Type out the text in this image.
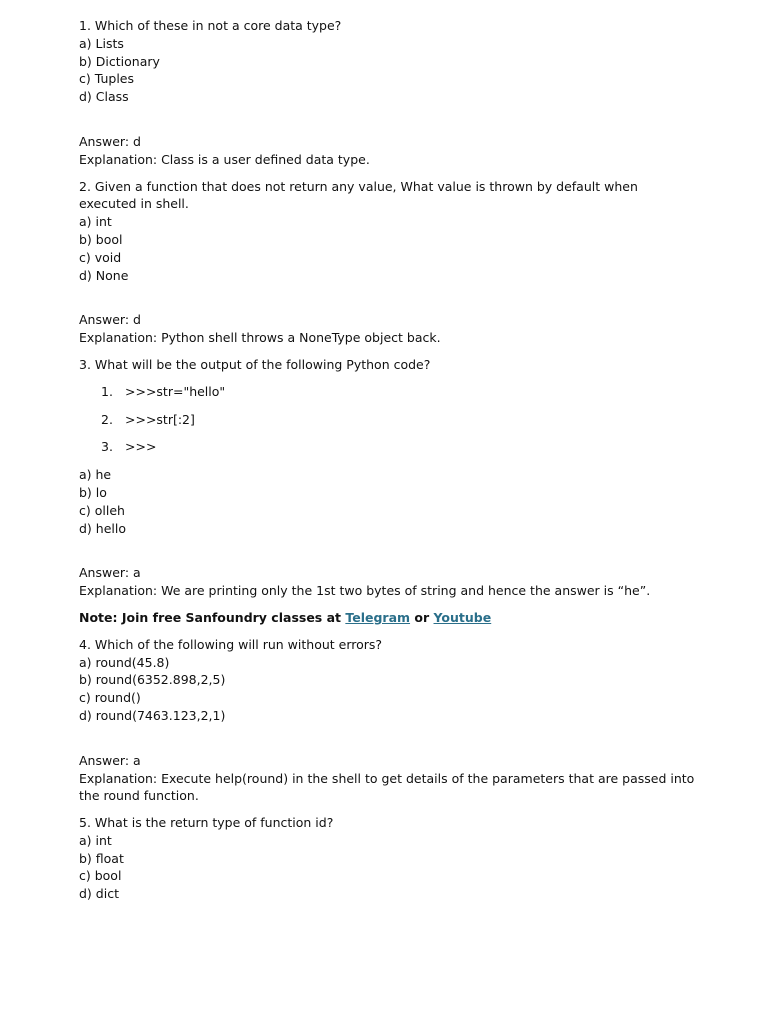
1. Which of these in not a core data type?
a) Lists
b) Dictionary
c) Tuples
d) Class
Answer: d
Explanation: Class is a user defined data type.
2. Given a function that does not return any value, What value is thrown by default when executed in shell.
a) int
b) bool
c) void
d) None
Answer: d
Explanation: Python shell throws a NoneType object back.
3. What will be the output of the following Python code?
1. >>>str="hello"
2. >>>str[:2]
3. >>>
a) he
b) lo
c) olleh
d) hello
Answer: a
Explanation: We are printing only the 1st two bytes of string and hence the answer is “he”.
Note: Join free Sanfoundry classes at Telegram or Youtube
4. Which of the following will run without errors?
a) round(45.8)
b) round(6352.898,2,5)
c) round()
d) round(7463.123,2,1)
Answer: a
Explanation: Execute help(round) in the shell to get details of the parameters that are passed into the round function.
5. What is the return type of function id?
a) int
b) float
c) bool
d) dict
